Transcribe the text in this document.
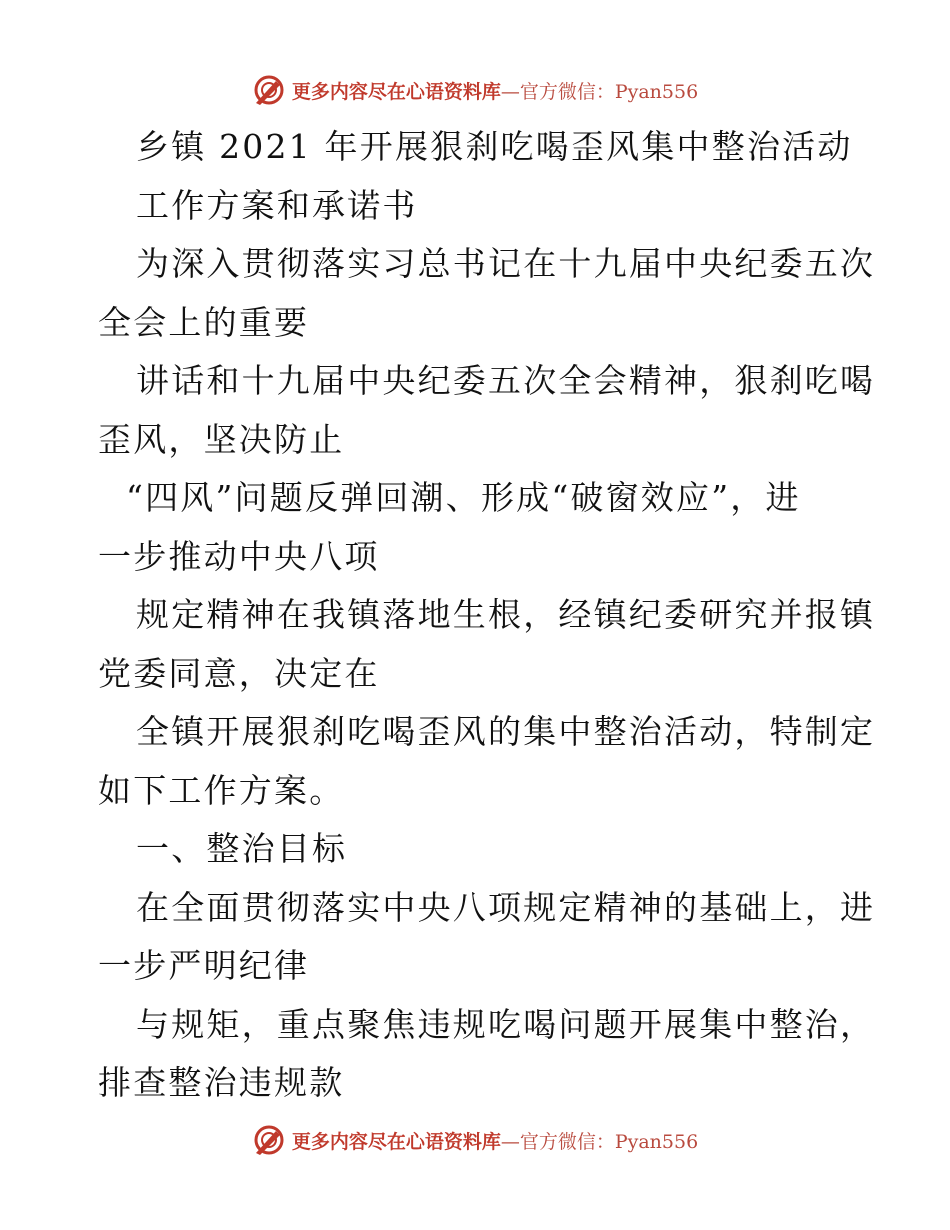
更多内容尽在心语资料库—官方微信：Pyan556
乡镇 2021 年开展狠刹吃喝歪风集中整治活动
工作方案和承诺书
为深入贯彻落实习总书记在十九届中央纪委五次
全会上的重要
讲话和十九届中央纪委五次全会精神，狠刹吃喝
歪风，坚决防止
“四风”问题反弹回潮、形成“破窗效应”，进
一步推动中央八项
规定精神在我镇落地生根，经镇纪委研究并报镇
党委同意，决定在
全镇开展狠刹吃喝歪风的集中整治活动，特制定
如下工作方案。
一、整治目标
在全面贯彻落实中央八项规定精神的基础上，进
一步严明纪律
与规矩，重点聚焦违规吃喝问题开展集中整治，
排查整治违规款
更多内容尽在心语资料库—官方微信：Pyan556
